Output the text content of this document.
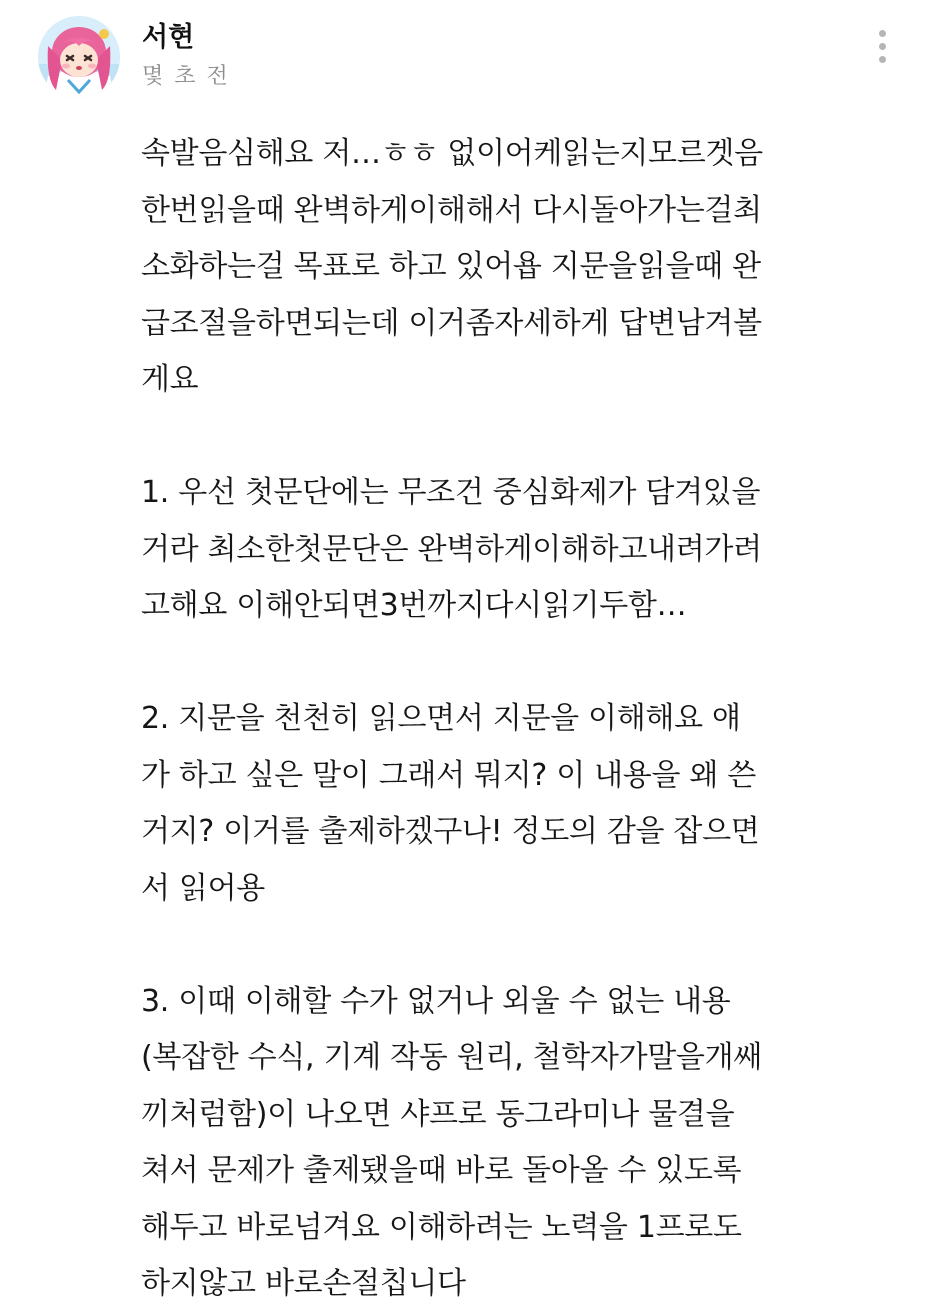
서현
몇 초 전
속발음심해요 저…ㅎㅎ 없이어케읽는지모르겟음
한번읽을때 완벽하게이해해서 다시돌아가는걸최
소화하는걸 목표로 하고 있어욥 지문을읽을때 완
급조절을하면되는데 이거좀자세하게 답변남겨볼
게요
1. 우선 첫문단에는 무조건 중심화제가 담겨있을
거라 최소한첫문단은 완벽하게이해하고내려가려
고해요 이해안되면3번까지다시읽기두함…
2. 지문을 천천히 읽으면서 지문을 이해해요 얘
가 하고 싶은 말이 그래서 뭐지? 이 내용을 왜 쓴
거지? 이거를 출제하겠구나! 정도의 감을 잡으면
서 읽어용
3. 이때 이해할 수가 없거나 외울 수 없는 내용
(복잡한 수식, 기계 작동 원리, 철학자가말을개쌔
끼처럼함)이 나오면 샤프로 동그라미나 물결을
쳐서 문제가 출제됐을때 바로 돌아올 수 있도록
해두고 바로넘겨요 이해하려는 노력을 1프로도
하지않고 바로손절칩니다
